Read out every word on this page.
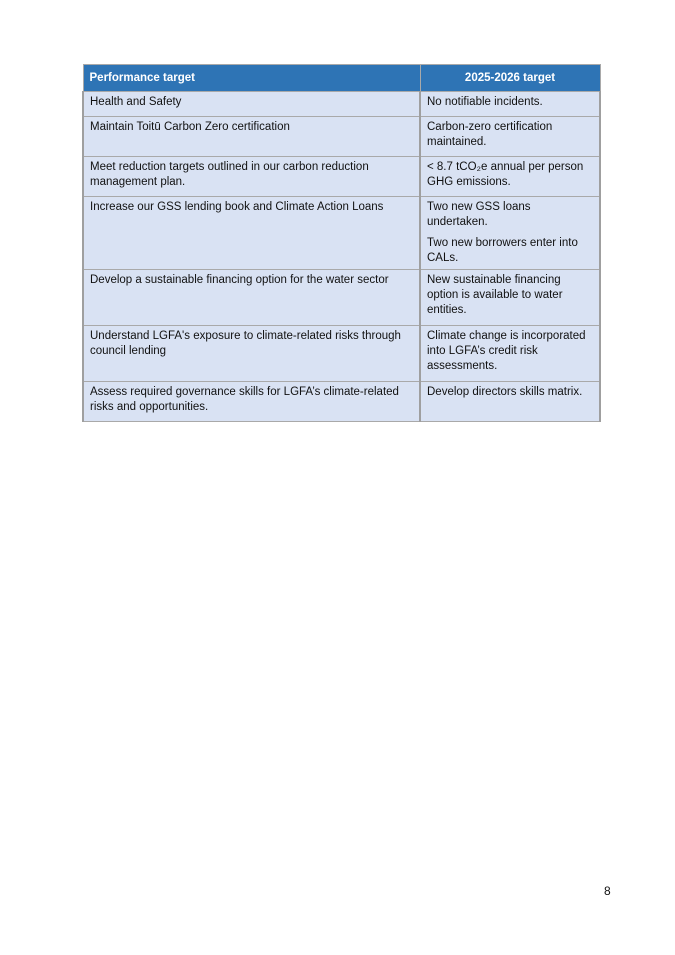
Performance target	2025-2026 target
Health and Safety	No notifiable incidents.

Maintain Toitū Carbon Zero certification	Carbon-zero certification maintained.

Meet reduction targets outlined in our carbon reduction management plan.	< 8.7 tCO₂e annual per person GHG emissions.

Increase our GSS lending book and Climate Action Loans	Two new GSS loans undertaken.

Two new borrowers enter into CALs.

Develop a sustainable financing option for the water sector	New sustainable financing option is available to water entities.

Understand LGFA's exposure to climate-related risks through council lending	Climate change is incorporated into LGFA’s credit risk assessments.

Assess required governance skills for LGFA’s climate-related risks and opportunities.	Develop directors skills matrix.

8
